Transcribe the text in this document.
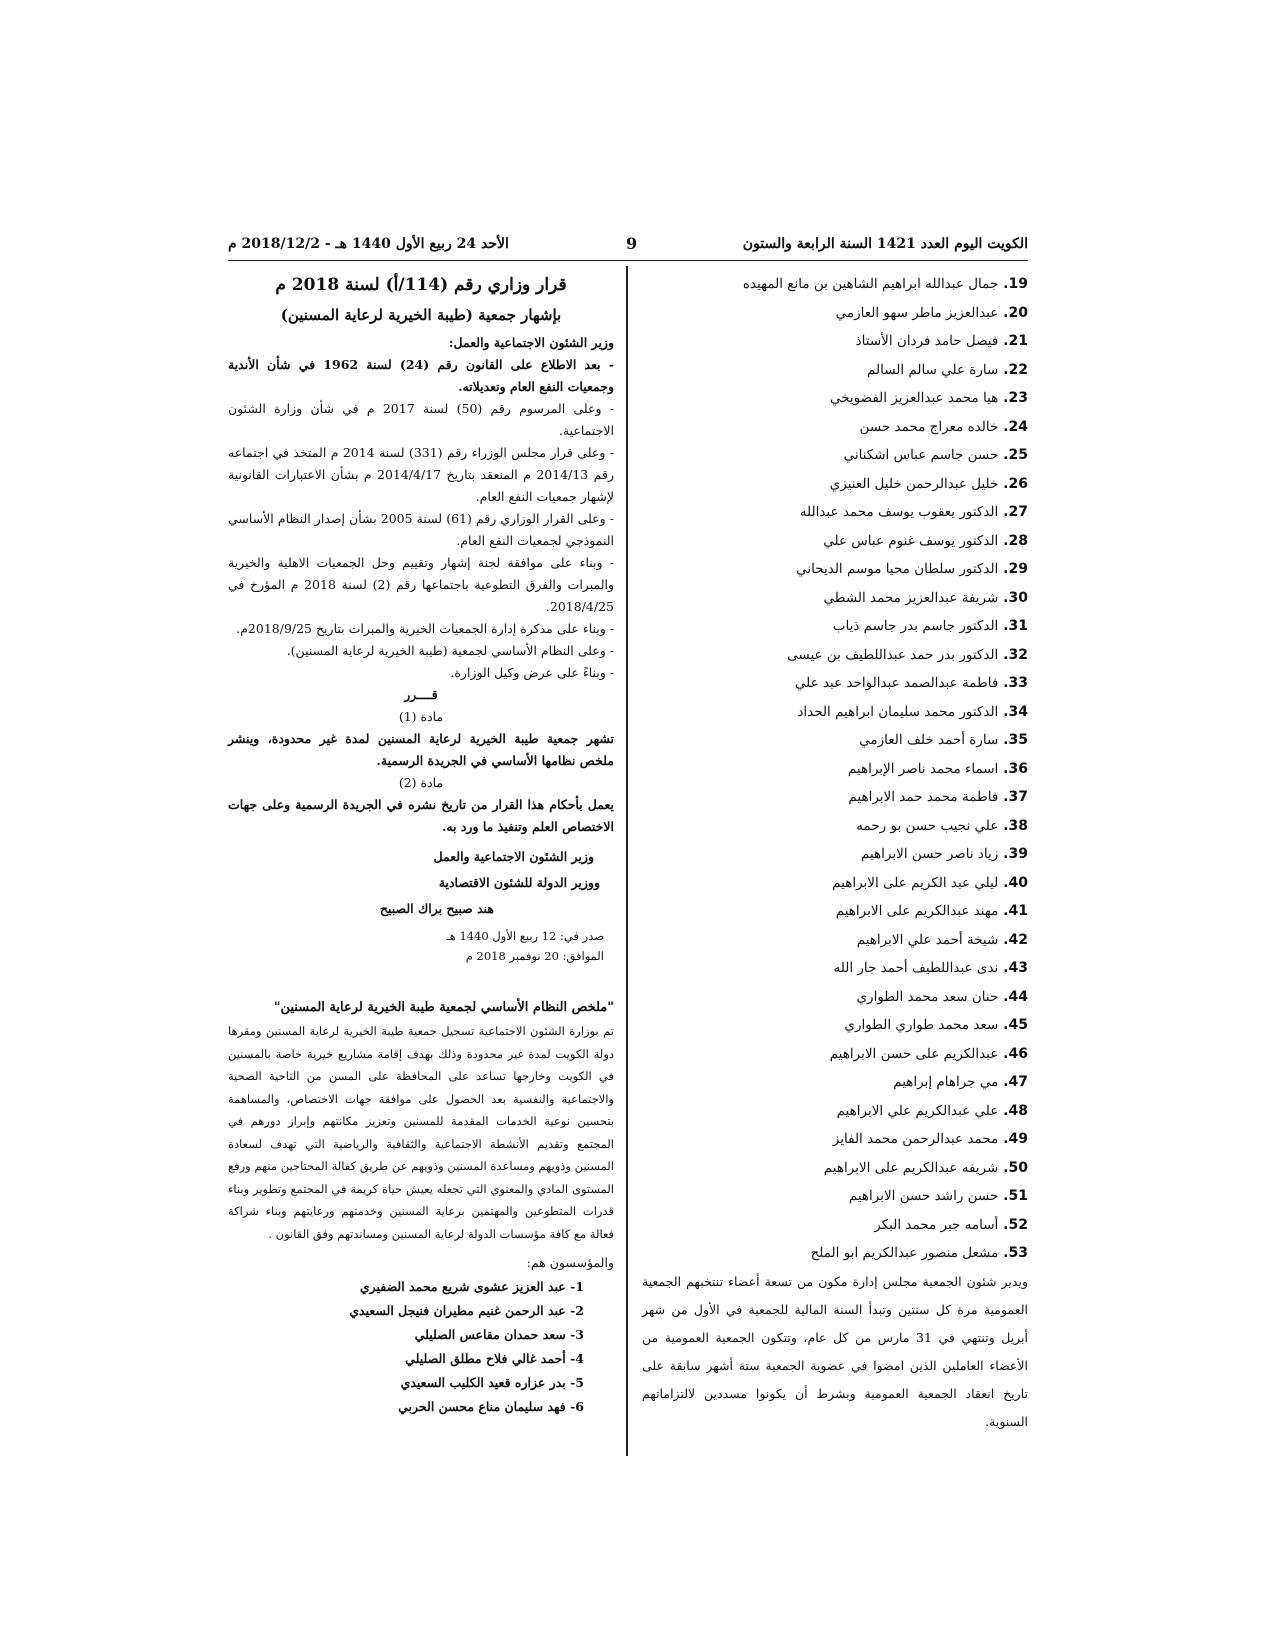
الكويت اليوم العدد 1421 السنة الرابعة والستون
9
الأحد 24 ربيع الأول 1440 هـ - 2018/12/2 م
19. جمال عبدالله ابراهيم الشاهين بن مانع المهيده
20. عبدالعزيز ماطر سهو العازمي
21. فيصل حامد فردان الأستاذ
22. سارة علي سالم السالم
23. هيا محمد عبدالعزيز الفضويخي
24. خالده معراج محمد حسن
25. حسن جاسم عباس اشكناني
26. خليل عبدالرحمن خليل العنيزي
27. الدكتور يعقوب يوسف محمد عبدالله
28. الدكتور يوسف غنوم عباس علي
29. الدكتور سلطان محيا موسم الديحاني
30. شريفة عبدالعزيز محمد الشطي
31. الدكتور جاسم بدر جاسم ذياب
32. الدكتور بدر حمد عبداللطيف بن عيسى
33. فاطمة عبدالصمد عبدالواحد عبد علي
34. الدكتور محمد سليمان ابراهيم الحداد
35. سارة أحمد خلف العازمي
36. اسماء محمد ناصر الإبراهيم
37. فاطمة محمد حمد الابراهيم
38. علي نجيب حسن بو رحمه
39. زياد ناصر حسن الابراهيم
40. ليلي عبد الكريم على الابراهيم
41. مهند عبدالكريم على الابراهيم
42. شيخة أحمد علي الابراهيم
43. ندى عبداللطيف أحمد جار الله
44. حنان سعد محمد الطواري
45. سعد محمد طواري الطواري
46. عبدالكريم على حسن الابراهيم
47. مي جراهام إبراهيم
48. علي عبدالكريم علي الابراهيم
49. محمد عبدالرحمن محمد الفايز
50. شريفه عبدالكريم على الابراهيم
51. حسن راشد حسن الابراهيم
52. أسامه جبر محمد البكر
53. مشعل منصور عبدالكريم ابو الملح

ويدير شئون الجمعية مجلس إدارة مكون من تسعة أعضاء تنتخبهم الجمعية العمومية مرة كل سنتين وتبدأ السنة المالية للجمعية في الأول من شهر أبريل وتنتهي في 31 مارس من كل عام، وتتكون الجمعية العمومية من الأعضاء العاملين الذين امضوا في عضوية الجمعية ستة أشهر سابقة على تاريخ انعقاد الجمعية العمومية وبشرط أن يكونوا مسددين لالتزاماتهم السنوية.

قرار وزاري رقم (114/أ) لسنة 2018 م

بإشهار جمعية (طيبة الخيرية لرعاية المسنين)

وزير الشئون الاجتماعية والعمل:

- بعد الاطلاع على القانون رقم (24) لسنة 1962 في شأن الأندية وجمعيات النفع العام وتعديلاته.

- وعلى المرسوم رقم (50) لسنة 2017 م في شأن وزارة الشئون الاجتماعية.

- وعلى قرار مجلس الوزراء رقم (331) لسنة 2014 م المتخذ في اجتماعه رقم 2014/13 م المنعقد بتاريخ 2014/4/17 م بشأن الاعتبارات القانونية لإشهار جمعيات النفع العام.

- وعلى القرار الوزاري رقم (61) لسنة 2005 بشأن إصدار النظام الأساسي النموذجي لجمعيات النفع العام.

- وبناء على موافقة لجنة إشهار وتقييم وحل الجمعيات الاهلية والخيرية والمبرات والفرق التطوعية باجتماعها رقم (2) لسنة 2018 م المؤرخ في 2018/4/25.

- وبناء على مذكرة إدارة الجمعيات الخيرية والمبرات بتاريخ 2018/9/25م.

- وعلى النظام الأساسي لجمعية (طيبة الخيرية لرعاية المسنين).

- وبناءً على عرض وكيل الوزارة.

قــــرر

مادة (1)

تشهر جمعية طيبة الخيرية لرعاية المسنين لمدة غير محدودة، وينشر ملخص نظامها الأساسي في الجريدة الرسمية.

مادة (2)

يعمل بأحكام هذا القرار من تاريخ نشره في الجريدة الرسمية وعلى جهات الاختصاص العلم وتنفيذ ما ورد به.

وزير الشئون الاجتماعية والعمل

ووزير الدولة للشئون الاقتصادية

هند صبيح براك الصبيح

صدر في: 12 ربيع الأول 1440 هـ

الموافق: 20 نوفمبر 2018 م

"ملخص النظام الأساسي لجمعية طيبة الخيرية لرعاية المسنين"

تم بوزارة الشئون الاجتماعية تسجيل جمعية طيبة الخيرية لرعاية المسنين ومقرها دولة الكويت لمدة غير محدودة وذلك بهدف إقامة مشاريع خيرية خاصة بالمسنين في الكويت وخارجها تساعد على المحافظة على المسن من الناحية الصحية والاجتماعية والنفسية بعد الحصول على موافقة جهات الاختصاص، والمساهمة بتحسين نوعية الخدمات المقدمة للمسنين وتعزيز مكانتهم وإبراز دورهم في المجتمع وتقديم الأنشطة الاجتماعية والثقافية والرياضية التي تهدف لسعادة المسنين وذويهم ومساعدة المسنين وذويهم عن طريق كفالة المحتاجين منهم ورفع المستوى المادي والمعنوي التي تجعله يعيش حياة كريمة في المجتمع وتطوير وبناء قدرات المتطوعين والمهتمين برعاية المسنين وخدمتهم ورعايتهم وبناء شراكة فعالة مع كافة مؤسسات الدولة لرعاية المسنين ومساندتهم وفق القانون .

والمؤسسون هم:

1- عبد العزيز عشوى شريع محمد الضفيري
2- عبد الرحمن غنيم مطيران فنيجل السعيدي
3- سعد حمدان مقاعس الصليلي
4- أحمد غالي فلاح مطلق الصليلي
5- بدر عزاره قعيد الكليب السعيدي
6- فهد سليمان مناع محسن الحربي
